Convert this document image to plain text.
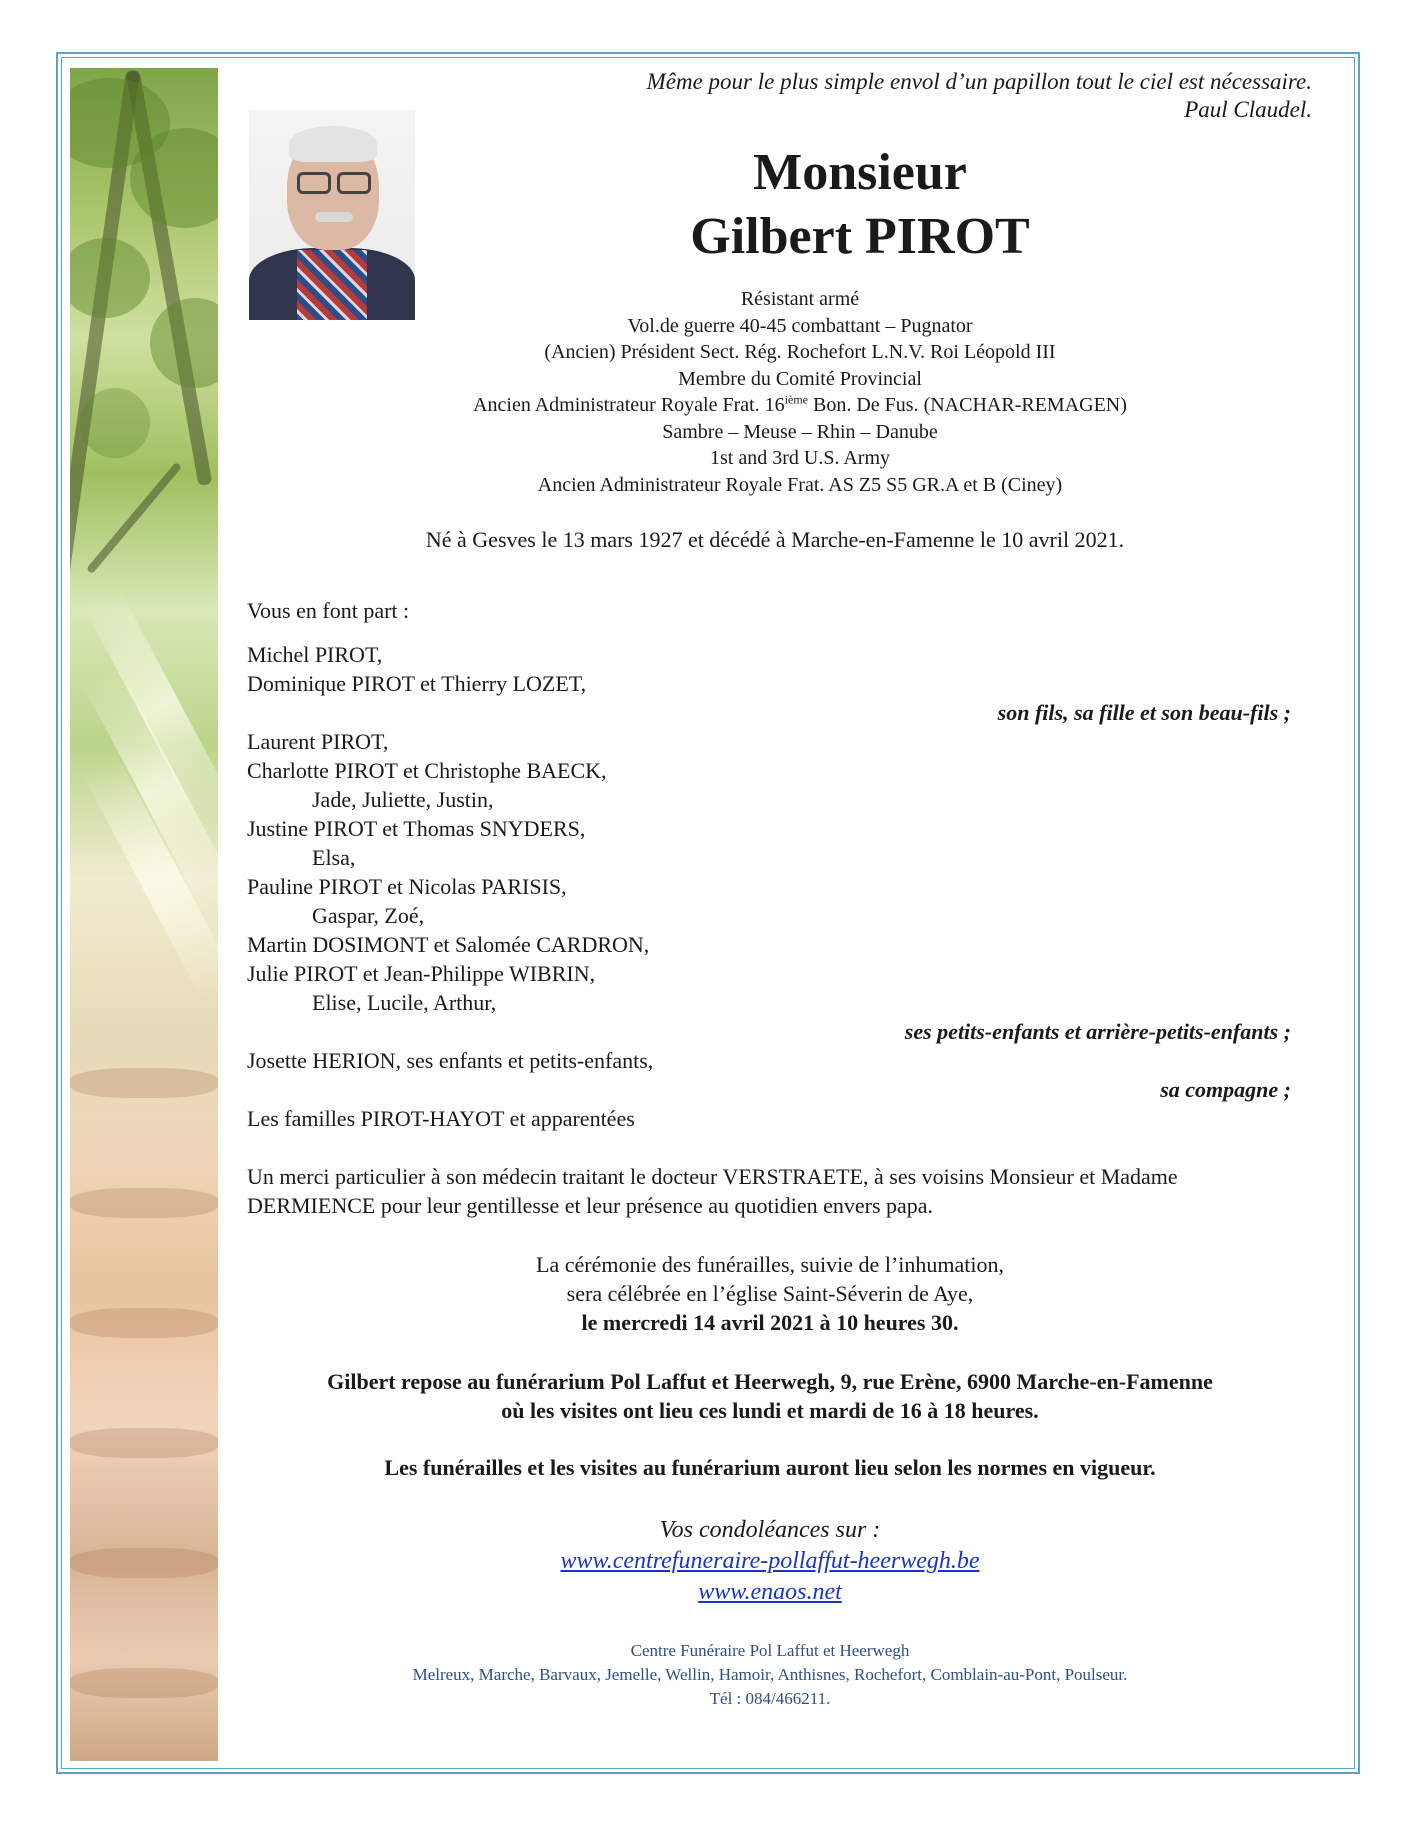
Même pour le plus simple envol d’un papillon tout le ciel est nécessaire.
Paul Claudel.
Monsieur
Gilbert PIROT
Résistant armé
Vol.de guerre 40-45 combattant – Pugnator
(Ancien) Président Sect. Rég. Rochefort L.N.V. Roi Léopold III
Membre du Comité Provincial
Ancien Administrateur Royale Frat. 16ième Bon. De Fus. (NACHAR-REMAGEN)
Sambre – Meuse – Rhin – Danube
1st and 3rd U.S. Army
Ancien Administrateur Royale Frat. AS Z5 S5 GR.A et B (Ciney)
Né à Gesves le 13 mars 1927 et décédé à Marche-en-Famenne le 10 avril 2021.
Vous en font part :
Michel PIROT,
Dominique PIROT et Thierry LOZET,
son fils, sa fille et son beau-fils ;
Laurent PIROT,
Charlotte PIROT et Christophe BAECK,
Jade, Juliette, Justin,
Justine PIROT et Thomas SNYDERS,
Elsa,
Pauline PIROT et Nicolas PARISIS,
Gaspar, Zoé,
Martin DOSIMONT et Salomée CARDRON,
Julie PIROT et Jean-Philippe WIBRIN,
Elise, Lucile, Arthur,
ses petits-enfants et arrière-petits-enfants ;
Josette HERION, ses enfants et petits-enfants,
sa compagne ;
Les familles PIROT-HAYOT et apparentées
Un merci particulier à son médecin traitant le docteur VERSTRAETE, à ses voisins Monsieur et Madame DERMIENCE pour leur gentillesse et leur présence au quotidien envers papa.
La cérémonie des funérailles, suivie de l’inhumation,
sera célébrée en l’église Saint-Séverin de Aye,
le mercredi 14 avril 2021 à 10 heures 30.
Gilbert repose au funérarium Pol Laffut et Heerwegh, 9, rue Erène, 6900 Marche-en-Famenne
où les visites ont lieu ces lundi et mardi de 16 à 18 heures.
Les funérailles et les visites au funérarium auront lieu selon les normes en vigueur.
Vos condoléances sur :
www.centrefuneraire-pollaffut-heerwegh.be
www.enaos.net
Centre Funéraire Pol Laffut et Heerwegh
Melreux, Marche, Barvaux, Jemelle, Wellin, Hamoir, Anthisnes, Rochefort, Comblain-au-Pont, Poulseur.
Tél : 084/466211.
